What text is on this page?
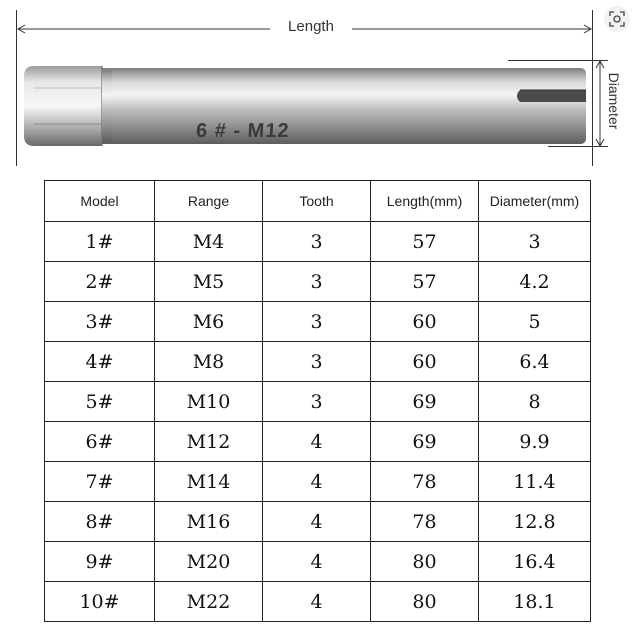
Length
Diameter
6 # - M12
Model	Range	Tooth	Length(mm)	Diameter(mm)
1#	M4	3	57	3
2#	M5	3	57	4.2
3#	M6	3	60	5
4#	M8	3	60	6.4
5#	M10	3	69	8
6#	M12	4	69	9.9
7#	M14	4	78	11.4
8#	M16	4	78	12.8
9#	M20	4	80	16.4
10#	M22	4	80	18.1
